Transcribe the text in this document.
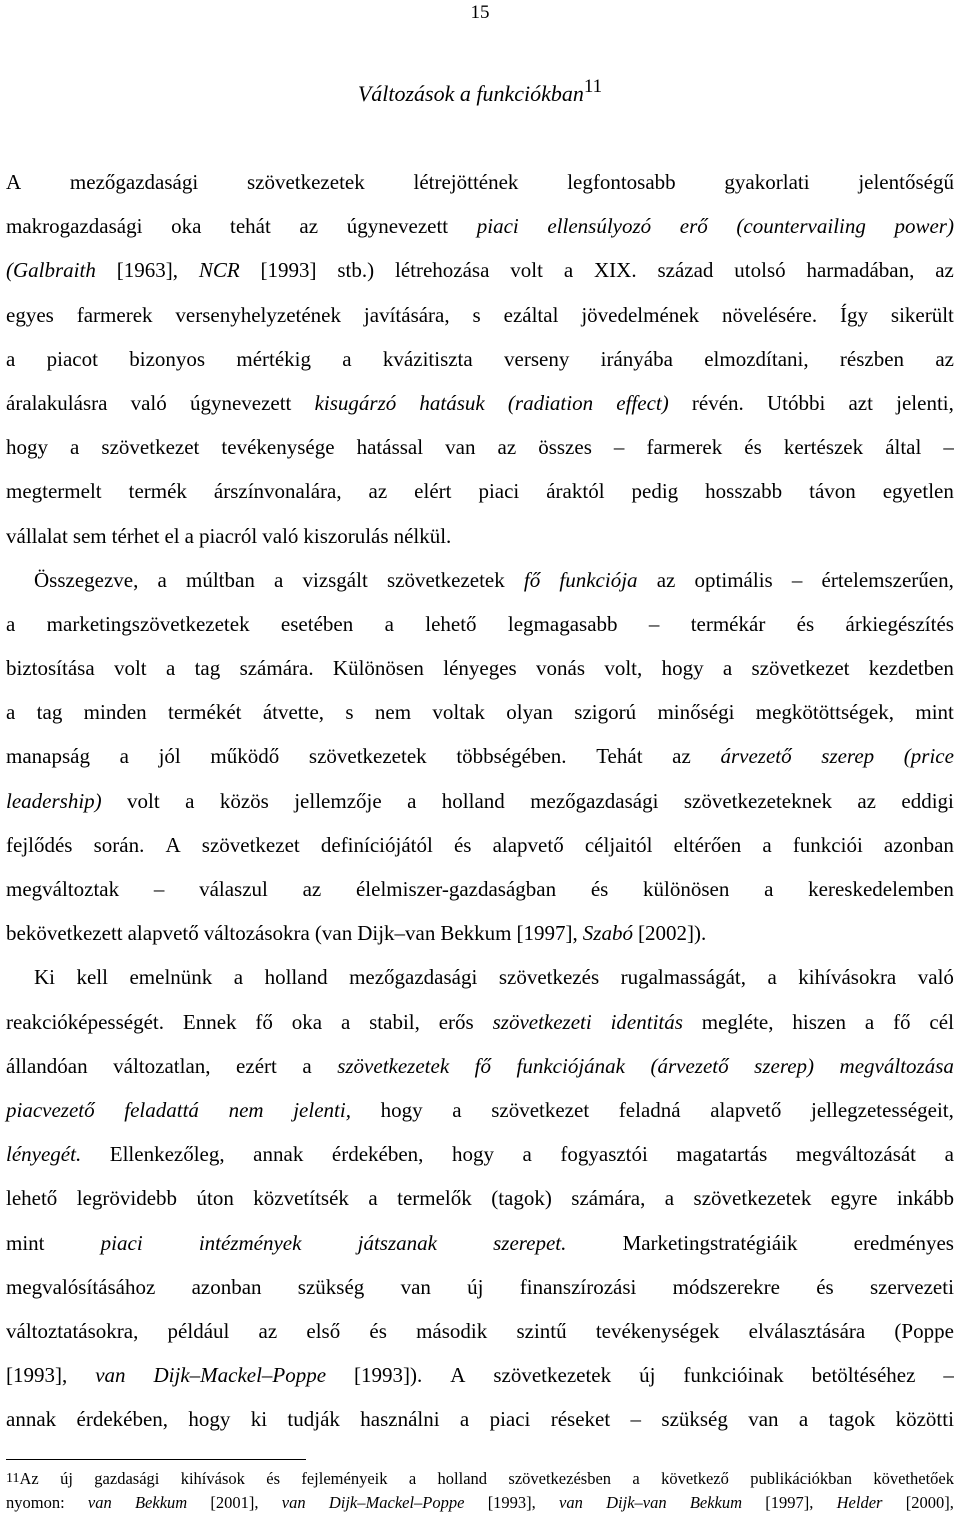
15
Változások a funkciókban$^{11}$
A mezőgazdasági szövetkezetek létrejöttének legfontosabb gyakorlati jelentőségű
makrogazdasági oka tehát az úgynevezett piaci ellensúlyozó erő (countervailing power)
(Galbraith [1963], NCR [1993] stb.) létrehozása volt a XIX. század utolsó harmadában, az
egyes farmerek versenyhelyzetének javítására, s ezáltal jövedelmének növelésére. Így sikerült
a piacot bizonyos mértékig a kvázitiszta verseny irányába elmozdítani, részben az
áralakulásra való úgynevezett kisugárzó hatásuk (radiation effect) révén. Utóbbi azt jelenti,
hogy a szövetkezet tevékenysége hatással van az összes – farmerek és kertészek által –
megtermelt termék árszínvonalára, az elért piaci áraktól pedig hosszabb távon egyetlen
vállalat sem térhet el a piacról való kiszorulás nélkül.
Összegezve, a múltban a vizsgált szövetkezetek fő funkciója az optimális – értelemszerűen,
a marketingszövetkezetek esetében a lehető legmagasabb – termékár és árkiegészítés
biztosítása volt a tag számára. Különösen lényeges vonás volt, hogy a szövetkezet kezdetben
a tag minden termékét átvette, s nem voltak olyan szigorú minőségi megkötöttségek, mint
manapság a jól működő szövetkezetek többségében. Tehát az árvezető szerep (price
leadership) volt a közös jellemzője a holland mezőgazdasági szövetkezeteknek az eddigi
fejlődés során. A szövetkezet definíciójától és alapvető céljaitól eltérően a funkciói azonban
megváltoztak – válaszul az élelmiszer-gazdaságban és különösen a kereskedelemben
bekövetkezett alapvető változásokra (van Dijk–van Bekkum [1997], Szabó [2002]).
Ki kell emelnünk a holland mezőgazdasági szövetkezés rugalmasságát, a kihívásokra való
reakcióképességét. Ennek fő oka a stabil, erős szövetkezeti identitás megléte, hiszen a fő cél
állandóan változatlan, ezért a szövetkezetek fő funkciójának (árvezető szerep) megváltozása
piacvezető feladattá nem jelenti, hogy a szövetkezet feladná alapvető jellegzetességeit,
lényegét. Ellenkezőleg, annak érdekében, hogy a fogyasztói magatartás megváltozását a
lehető legrövidebb úton közvetítsék a termelők (tagok) számára, a szövetkezetek egyre inkább
mint	piaci	intézmények	játszanak	szerepet.	Marketingstratégiáik	eredményes
megvalósításához azonban szükség van új finanszírozási módszerekre és szervezeti
változtatásokra, például az első és második szintű tevékenységek elválasztására (Poppe
[1993], van Dijk–Mackel–Poppe [1993]). A szövetkezetek új funkcióinak betöltéséhez –
annak érdekében, hogy ki tudják használni a piaci réseket – szükség van a tagok közötti
11 Az új gazdasági kihívások és fejleményeik a holland szövetkezésben a következő publikációkban követhetőek
nyomon: van Bekkum [2001], van Dijk–Mackel–Poppe [1993], van Dijk–van Bekkum [1997], Helder [2000],
